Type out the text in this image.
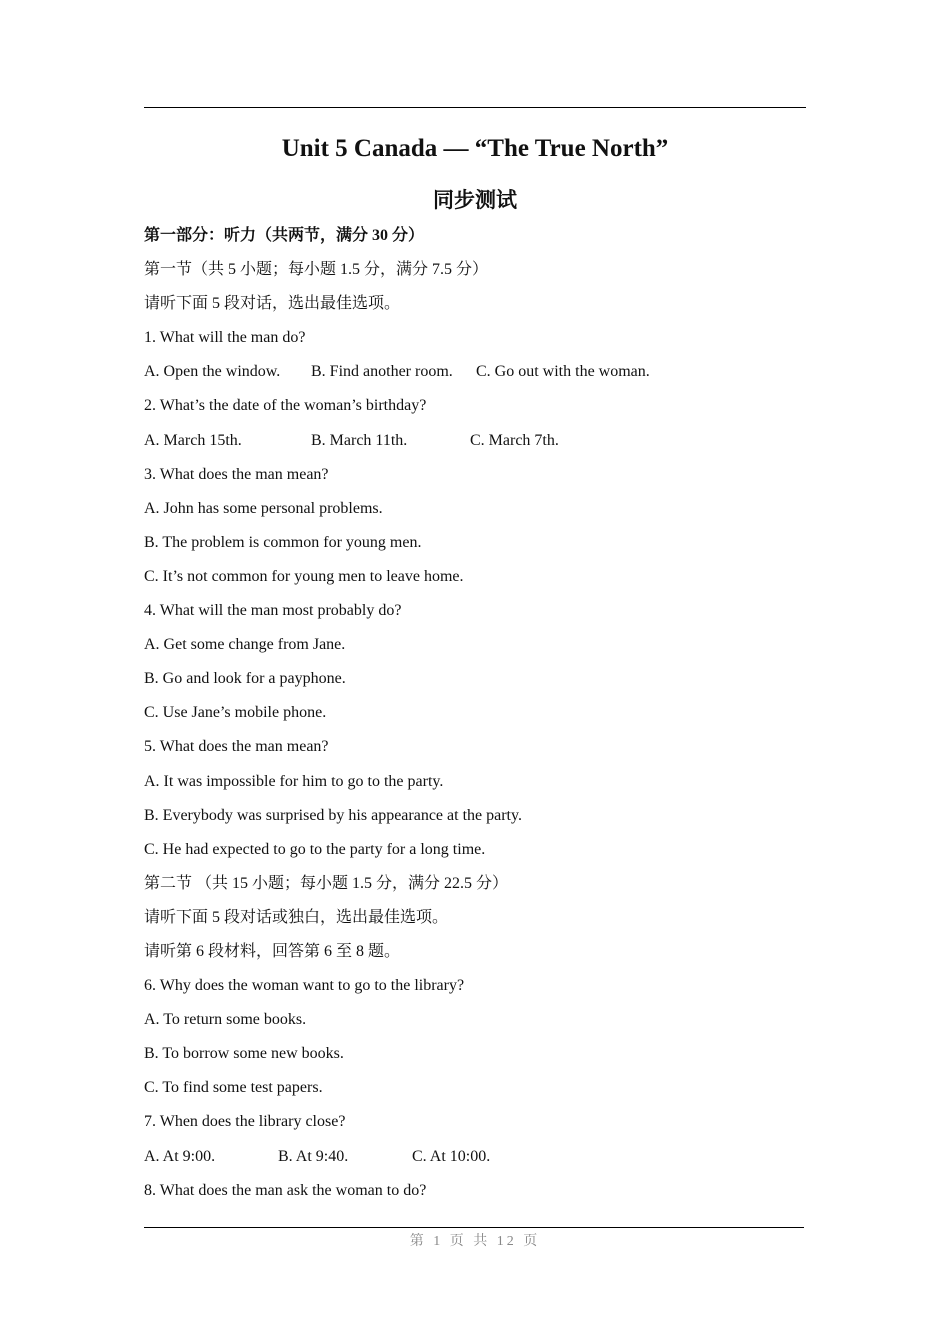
Unit 5 Canada — “The True North”
同步测试
第一部分：听力（共两节，满分 30 分）
第一节（共 5 小题；每小题 1.5 分，满分 7.5 分）
请听下面 5 段对话，选出最佳选项。
1. What will the man do?
A. Open the window. B. Find another room. C. Go out with the woman.
2. What’s the date of the woman’s birthday?
A. March 15th.	B. March 11th.	C. March 7th.
3. What does the man mean?
A. John has some personal problems.
B. The problem is common for young men.
C. It’s not common for young men to leave home.
4. What will the man most probably do?
A. Get some change from Jane.
B. Go and look for a payphone.
C. Use Jane’s mobile phone.
5. What does the man mean?
A. It was impossible for him to go to the party.
B. Everybody was surprised by his appearance at the party.
C. He had expected to go to the party for a long time.
第二节 （共 15 小题；每小题 1.5 分，满分 22.5 分）
请听下面 5 段对话或独白，选出最佳选项。
请听第 6 段材料，回答第 6 至 8 题。
6. Why does the woman want to go to the library?
A. To return some books.
B. To borrow some new books.
C. To find some test papers.
7. When does the library close?
A. At 9:00.	B. At 9:40.	C. At 10:00.
8. What does the man ask the woman to do?
第 1 页 共 12 页
